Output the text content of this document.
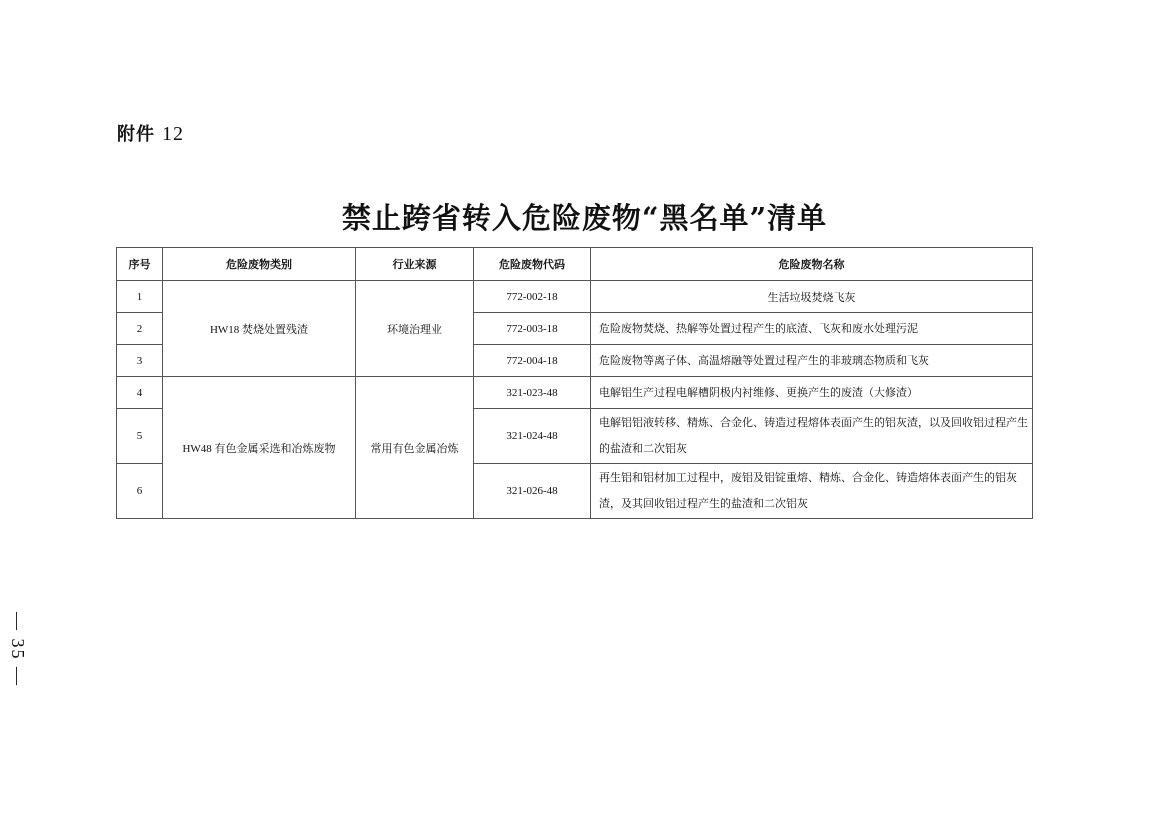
附件 12
禁止跨省转入危险废物“黑名单”清单
序号	危险废物类别	行业来源	危险废物代码	危险废物名称
1	HW18 焚烧处置残渣	环境治理业	772-002-18	生活垃圾焚烧飞灰
2			772-003-18	危险废物焚烧、热解等处置过程产生的底渣、飞灰和废水处理污泥
3			772-004-18	危险废物等离子体、高温熔融等处置过程产生的非玻璃态物质和飞灰
4	HW48 有色金属采选和冶炼废物	常用有色金属冶炼	321-023-48	电解铝生产过程电解槽阴极内衬维修、更换产生的废渣（大修渣）
5			321-024-48	电解铝铝液转移、精炼、合金化、铸造过程熔体表面产生的铝灰渣，以及回收铝过程产生的盐渣和二次铝灰
6			321-026-48	再生铝和铝材加工过程中，废铝及铝锭重熔、精炼、合金化、铸造熔体表面产生的铝灰渣，及其回收铝过程产生的盐渣和二次铝灰
— 35 —
